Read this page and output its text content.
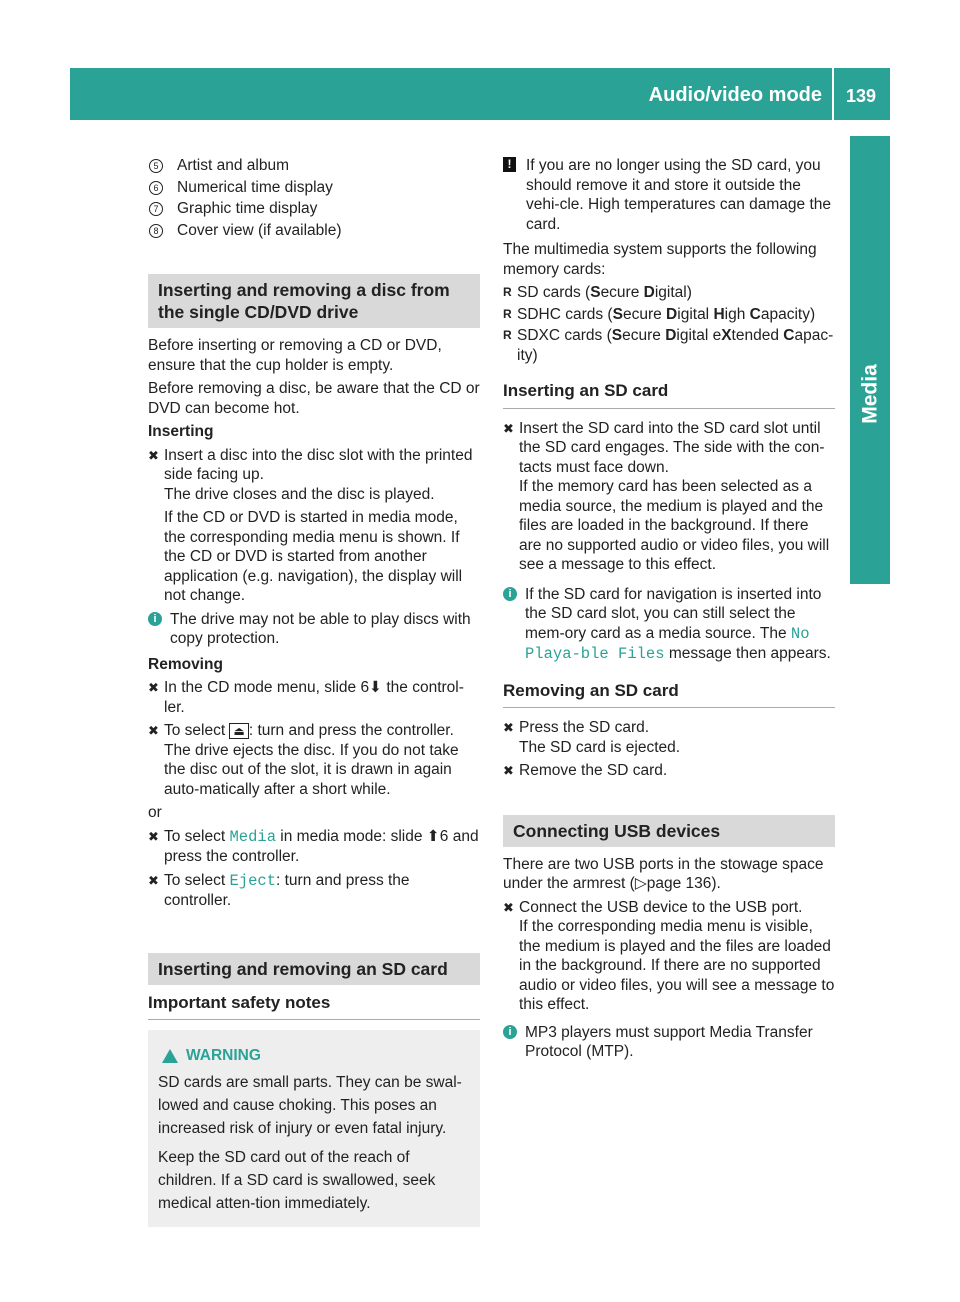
Audio/video mode 139
Media
5 Artist and album
6 Numerical time display
7 Graphic time display
8 Cover view (if available)
Inserting and removing a disc from the single CD/DVD drive

Before inserting or removing a CD or DVD, ensure that the cup holder is empty.

Before removing a disc, be aware that the CD or DVD can become hot.

Inserting

✖ Insert a disc into the disc slot with the printed side facing up.
The drive closes and the disc is played.
If the CD or DVD is started in media mode, the corresponding media menu is shown. If the CD or DVD is started from another application (e.g. navigation), the display will not change.
i The drive may not be able to play discs with copy protection.

Removing

✖ In the CD mode menu, slide 6⬇ the control-ler.
✖ To select ⏏ : turn and press the controller.
The drive ejects the disc. If you do not take the disc out of the slot, it is drawn in again auto-matically after a short while.

or

✖ To select Media in media mode: slide ⬆6 and press the controller.
✖ To select Eject: turn and press the controller.
Inserting and removing an SD card
Important safety notes
WARNING

SD cards are small parts. They can be swal-lowed and cause choking. This poses an increased risk of injury or even fatal injury.

Keep the SD card out of the reach of children. If a SD card is swallowed, seek medical atten-tion immediately.

! If you are no longer using the SD card, you should remove it and store it outside the vehi-cle. High temperatures can damage the card.

The multimedia system supports the following memory cards:

R SD cards (Secure Digital)
R SDHC cards (Secure Digital High Capacity)
R SDXC cards (Secure Digital eXtended Capac-ity)
Inserting an SD card
✖ Insert the SD card into the SD card slot until the SD card engages. The side with the con-tacts must face down.
If the memory card has been selected as a media source, the medium is played and the files are loaded in the background. If there are no supported audio or video files, you will see a message to this effect.
i If the SD card for navigation is inserted into the SD card slot, you can still select the mem-ory card as a media source. The No Playa-ble Files message then appears.
Removing an SD card
✖ Press the SD card.
The SD card is ejected.
✖ Remove the SD card.
Connecting USB devices

There are two USB ports in the stowage space under the armrest (▷page 136).

✖ Connect the USB device to the USB port.
If the corresponding media menu is visible, the medium is played and the files are loaded in the background. If there are no supported audio or video files, you will see a message to this effect.
i MP3 players must support Media Transfer Protocol (MTP).
